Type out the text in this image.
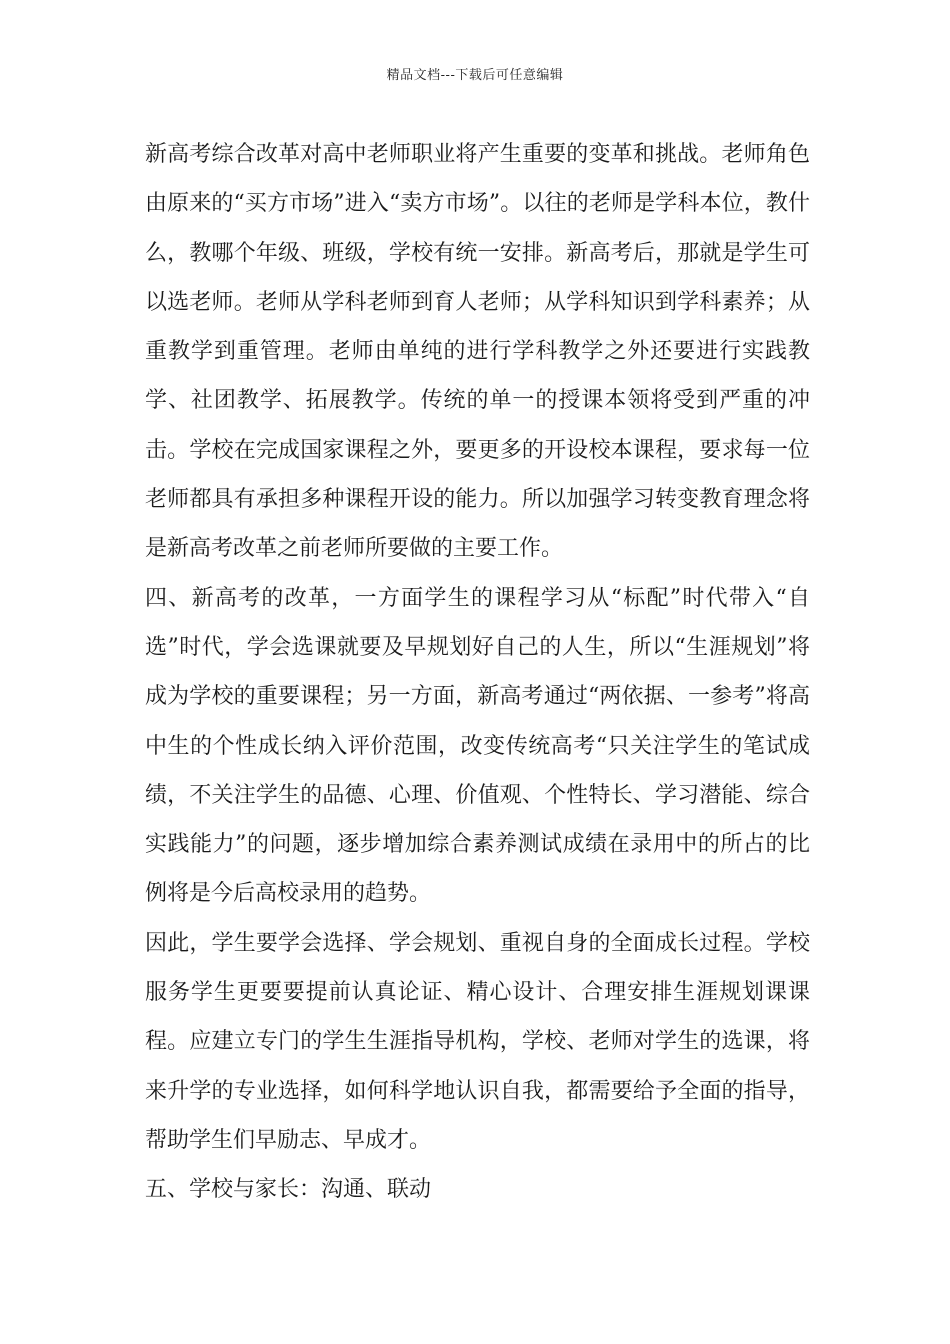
精品文档---下载后可任意编辑

新高考综合改革对高中老师职业将产生重要的变革和挑战。老师角色由原来的“买方市场”进入“卖方市场”。以往的老师是学科本位，教什么，教哪个年级、班级，学校有统一安排。新高考后，那就是学生可以选老师。老师从学科老师到育人老师；从学科知识到学科素养；从重教学到重管理。老师由单纯的进行学科教学之外还要进行实践教学、社团教学、拓展教学。传统的单一的授课本领将受到严重的冲击。学校在完成国家课程之外，要更多的开设校本课程，要求每一位老师都具有承担多种课程开设的能力。所以加强学习转变教育理念将是新高考改革之前老师所要做的主要工作。

四、新高考的改革，一方面学生的课程学习从“标配”时代带入“自选”时代，学会选课就要及早规划好自己的人生，所以“生涯规划”将成为学校的重要课程；另一方面，新高考通过“两依据、一参考”将高中生的个性成长纳入评价范围，改变传统高考“只关注学生的笔试成绩，不关注学生的品德、心理、价值观、个性特长、学习潜能、综合实践能力”的问题，逐步增加综合素养测试成绩在录用中的所占的比例将是今后高校录用的趋势。

因此，学生要学会选择、学会规划、重视自身的全面成长过程。学校服务学生更要要提前认真论证、精心设计、合理安排生涯规划课课程。应建立专门的学生生涯指导机构，学校、老师对学生的选课，将来升学的专业选择，如何科学地认识自我，都需要给予全面的指导，帮助学生们早励志、早成才。

五、学校与家长：沟通、联动
